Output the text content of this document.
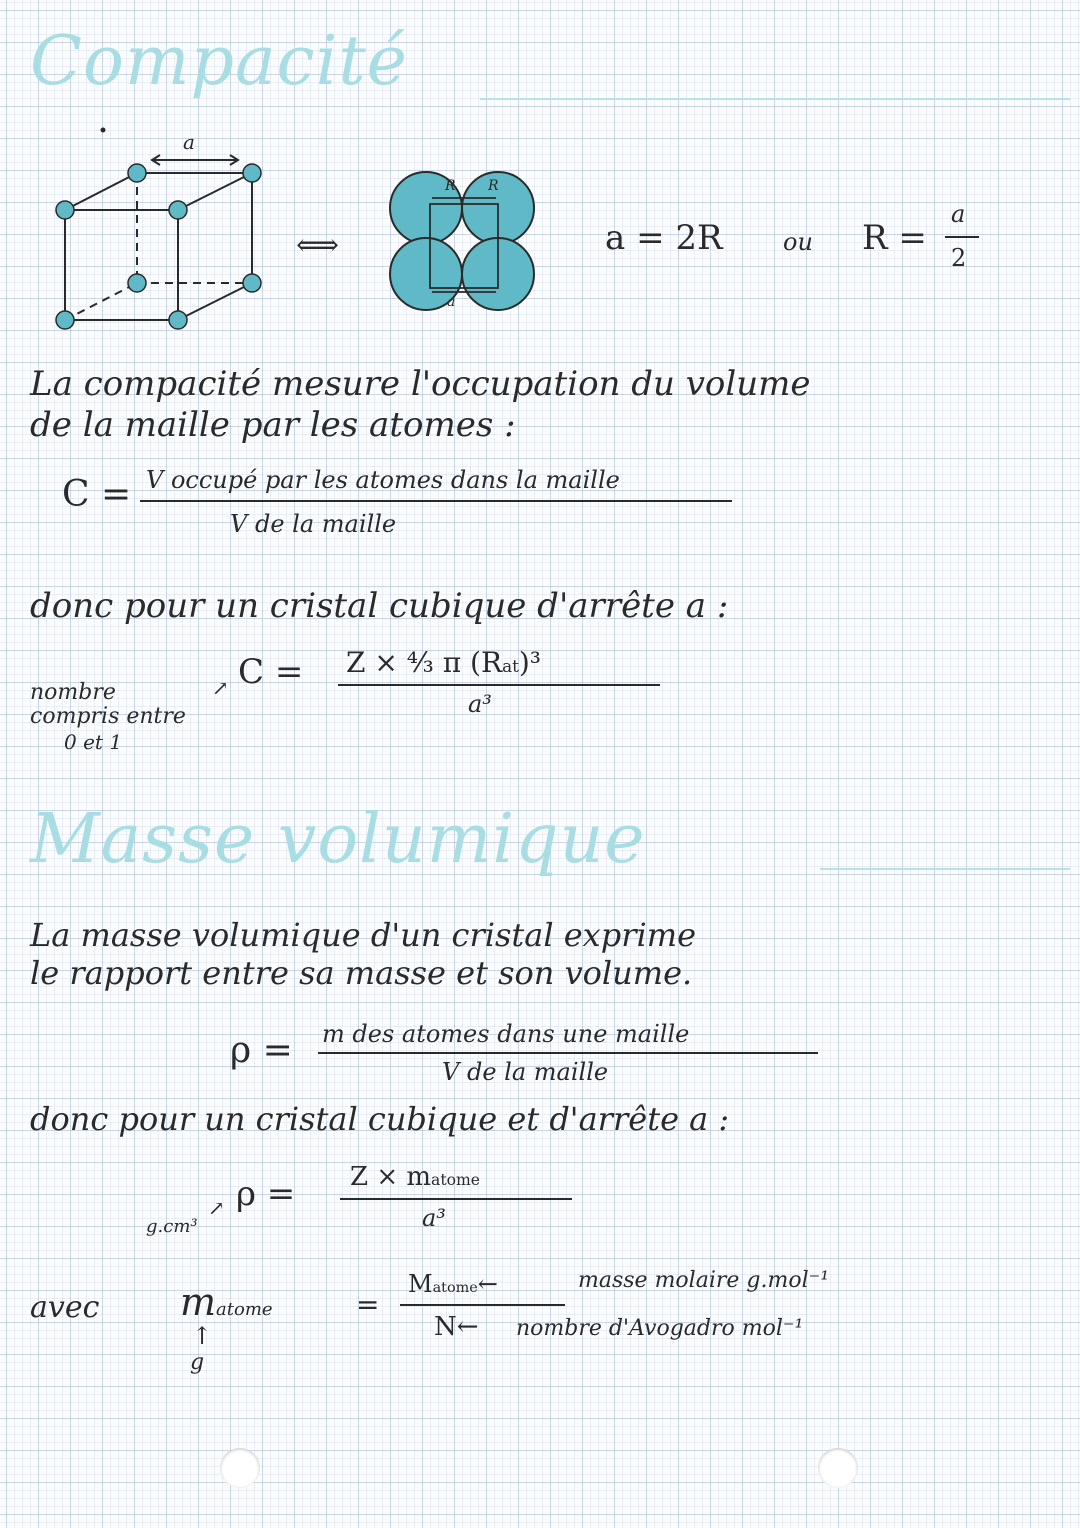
Compacité
a
⟺
R R
a
a = 2R	ou R =
a
2
La compacité mesure l'occupation du volume
de la maille par les atomes :
C = V occupé par les atomes dans la maille
V de la maille
donc pour un cristal cubique d'arrête a :
C = Z × ⁴⁄₃ π (Rat)³
a³
↗
nombre
compris entre
0 et 1
Masse volumique
La masse volumique d'un cristal exprime
le rapport entre sa masse et son volume.
ρ = m des atomes dans une maille
V de la maille
donc pour un cristal cubique et d'arrête a :
ρ = Z × matome
a³
↗
g.cm³
avec matome	=
↑
g
Matome←	masse molaire g.mol⁻¹
N← nombre d'Avogadro mol⁻¹
